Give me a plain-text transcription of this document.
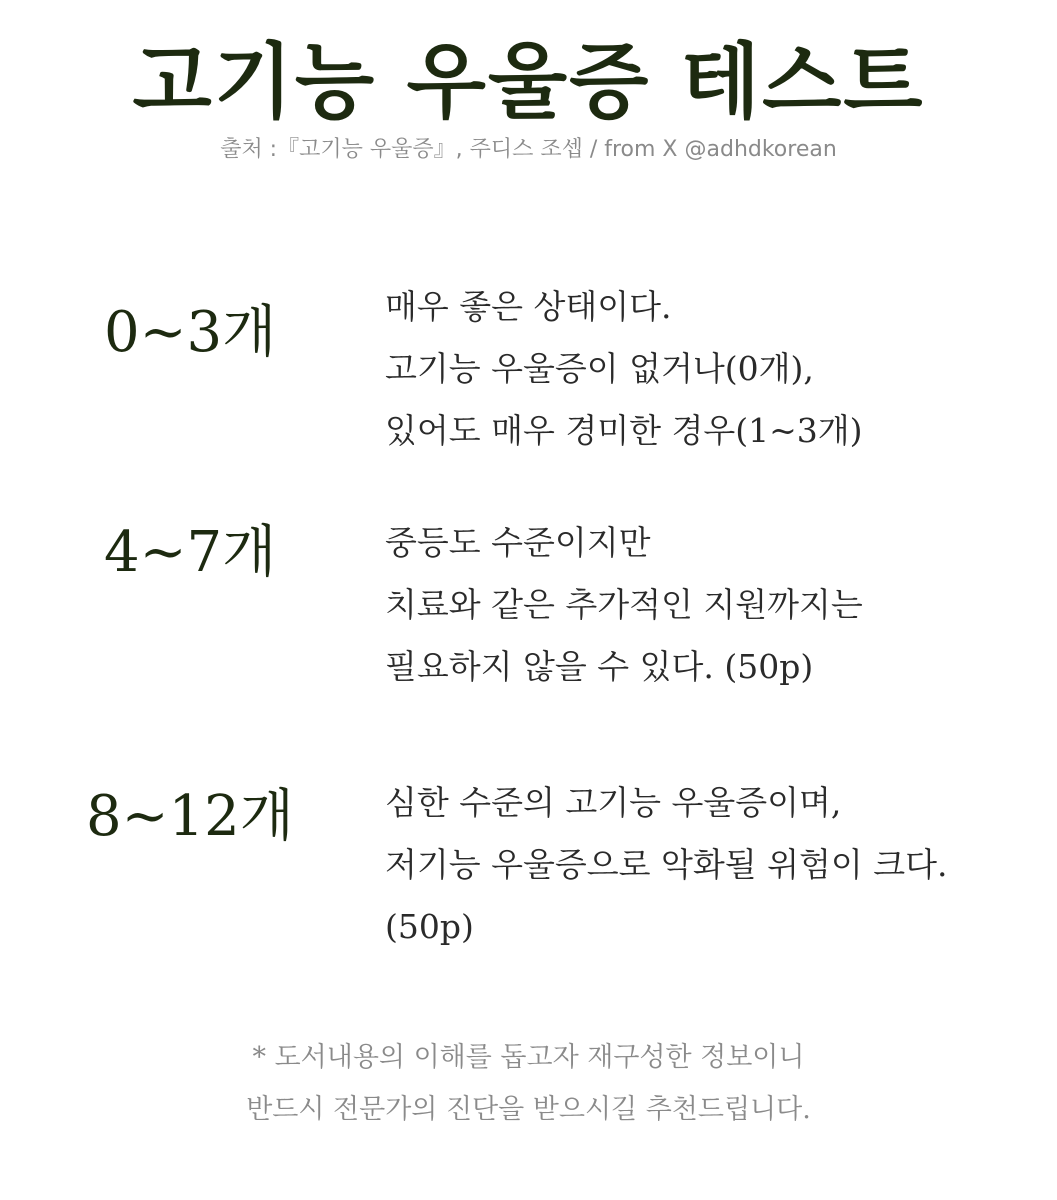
고기능 우울증 테스트
출처 :『고기능 우울증』, 주디스 조셉 / from X @adhdkorean
0~3개	매우 좋은 상태이다.
고기능 우울증이 없거나(0개),
있어도 매우 경미한 경우(1~3개)
4~7개	중등도 수준이지만
치료와 같은 추가적인 지원까지는
필요하지 않을 수 있다. (50p)
8~12개	심한 수준의 고기능 우울증이며,
저기능 우울증으로 악화될 위험이 크다.
(50p)
* 도서내용의 이해를 돕고자 재구성한 정보이니
반드시 전문가의 진단을 받으시길 추천드립니다.
